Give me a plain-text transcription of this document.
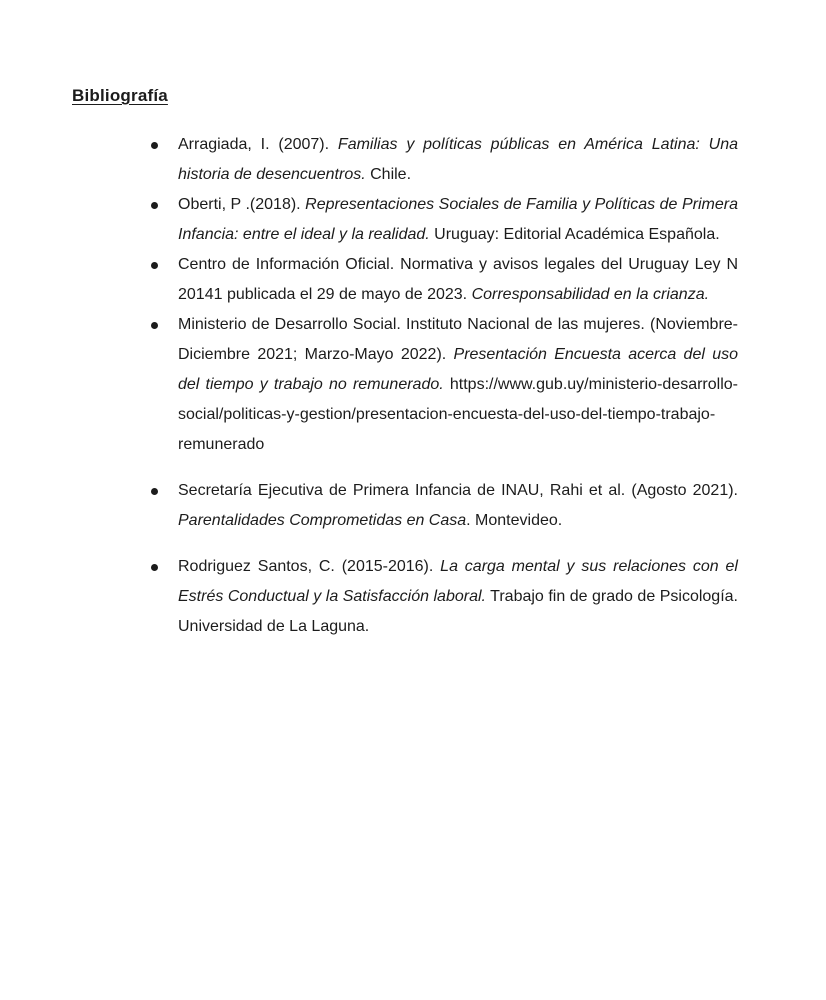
Bibliografía
Arragiada, I. (2007). Familias y políticas públicas en América Latina: Una historia de desencuentros. Chile.
Oberti, P .(2018). Representaciones Sociales de Familia y Políticas de Primera Infancia: entre el ideal y la realidad. Uruguay: Editorial Académica Española.
Centro de Información Oficial. Normativa y avisos legales del Uruguay Ley N 20141 publicada el 29 de mayo de 2023. Corresponsabilidad en la crianza.
Ministerio de Desarrollo Social. Instituto Nacional de las mujeres. (Noviembre-Diciembre 2021; Marzo-Mayo 2022). Presentación Encuesta acerca del uso del tiempo y trabajo no remunerado. https://www.gub.uy/ministerio-desarrollo-social/politicas-y-gestion/presentacion-encuesta-del-uso-del-tiempo-trabajo-remunerado
Secretaría Ejecutiva de Primera Infancia de INAU, Rahi et al. (Agosto 2021). Parentalidades Comprometidas en Casa. Montevideo.
Rodriguez Santos, C. (2015-2016). La carga mental y sus relaciones con el Estrés Conductual y la Satisfacción laboral. Trabajo fin de grado de Psicología. Universidad de La Laguna.
